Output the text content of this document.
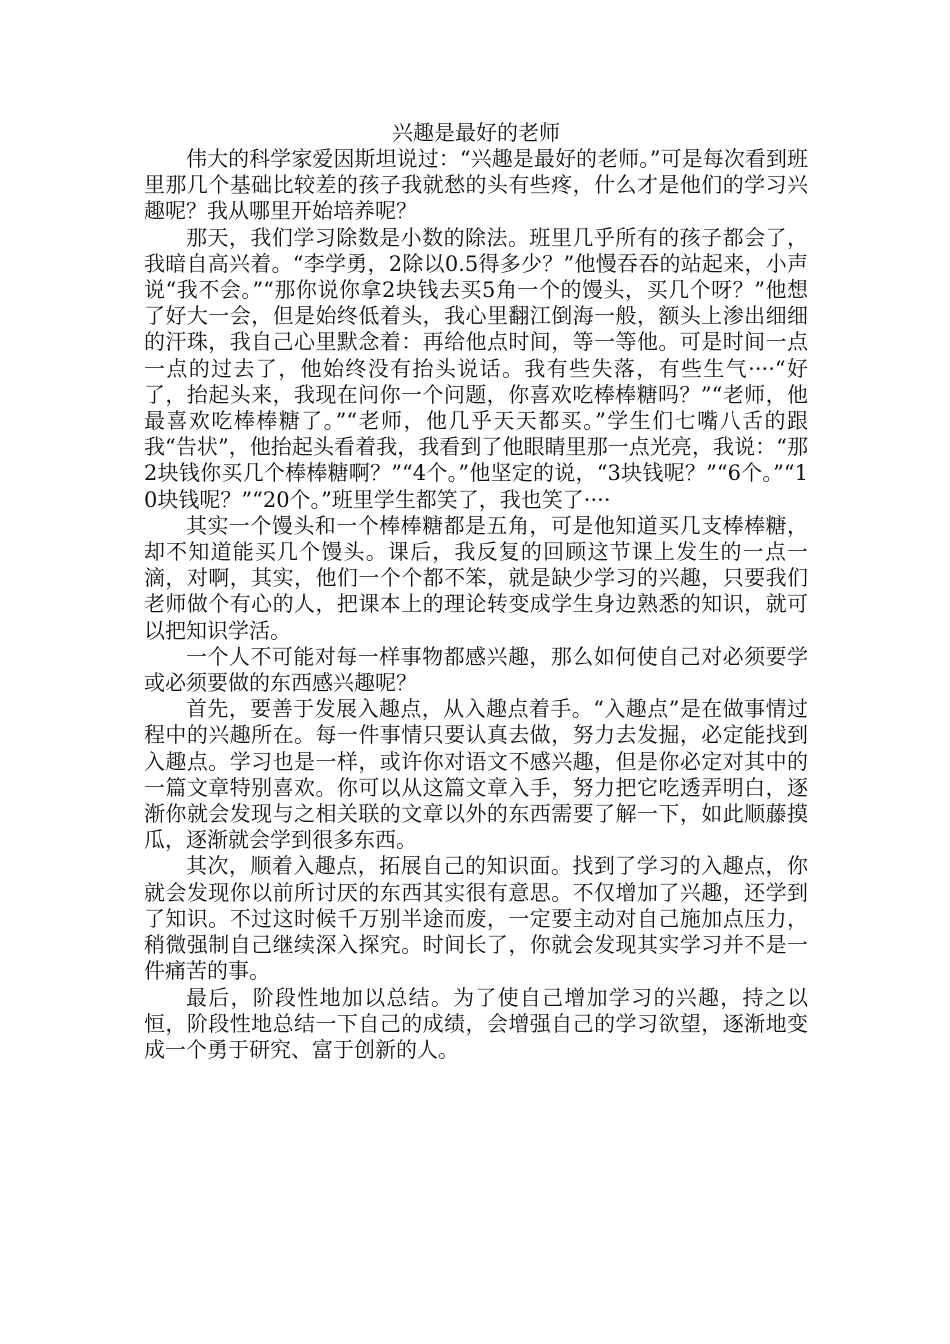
兴趣是最好的老师

伟大的科学家爱因斯坦说过：“兴趣是最好的老师。”可是每次看到班里那几个基础比较差的孩子我就愁的头有些疼，什么才是他们的学习兴趣呢？我从哪里开始培养呢？

那天，我们学习除数是小数的除法。班里几乎所有的孩子都会了，我暗自高兴着。“李学勇，2除以0.5得多少？”他慢吞吞的站起来，小声说“我不会。”“那你说你拿2块钱去买5角一个的馒头，买几个呀？”他想了好大一会，但是始终低着头，我心里翻江倒海一般，额头上渗出细细的汗珠，我自己心里默念着：再给他点时间，等一等他。可是时间一点一点的过去了，他始终没有抬头说话。我有些失落，有些生气····“好了，抬起头来，我现在问你一个问题，你喜欢吃棒棒糖吗？”“老师，他最喜欢吃棒棒糖了。”“老师，他几乎天天都买。”学生们七嘴八舌的跟我“告状”，他抬起头看着我，我看到了他眼睛里那一点光亮，我说：“那2块钱你买几个棒棒糖啊？”“4个。”他坚定的说，“3块钱呢？”“6个。”“10块钱呢？”“20个。”班里学生都笑了，我也笑了····

其实一个馒头和一个棒棒糖都是五角，可是他知道买几支棒棒糖，却不知道能买几个馒头。课后，我反复的回顾这节课上发生的一点一滴，对啊，其实，他们一个个都不笨，就是缺少学习的兴趣，只要我们老师做个有心的人，把课本上的理论转变成学生身边熟悉的知识，就可以把知识学活。

一个人不可能对每一样事物都感兴趣，那么如何使自己对必须要学或必须要做的东西感兴趣呢？

首先，要善于发展入趣点，从入趣点着手。“入趣点”是在做事情过程中的兴趣所在。每一件事情只要认真去做，努力去发掘，必定能找到入趣点。学习也是一样，或许你对语文不感兴趣，但是你必定对其中的一篇文章特别喜欢。你可以从这篇文章入手，努力把它吃透弄明白，逐渐你就会发现与之相关联的文章以外的东西需要了解一下，如此顺藤摸瓜，逐渐就会学到很多东西。

其次，顺着入趣点，拓展自己的知识面。找到了学习的入趣点，你就会发现你以前所讨厌的东西其实很有意思。不仅增加了兴趣，还学到了知识。不过这时候千万别半途而废，一定要主动对自己施加点压力，稍微强制自己继续深入探究。时间长了，你就会发现其实学习并不是一件痛苦的事。

最后，阶段性地加以总结。为了使自己增加学习的兴趣，持之以恒，阶段性地总结一下自己的成绩，会增强自己的学习欲望，逐渐地变成一个勇于研究、富于创新的人。
